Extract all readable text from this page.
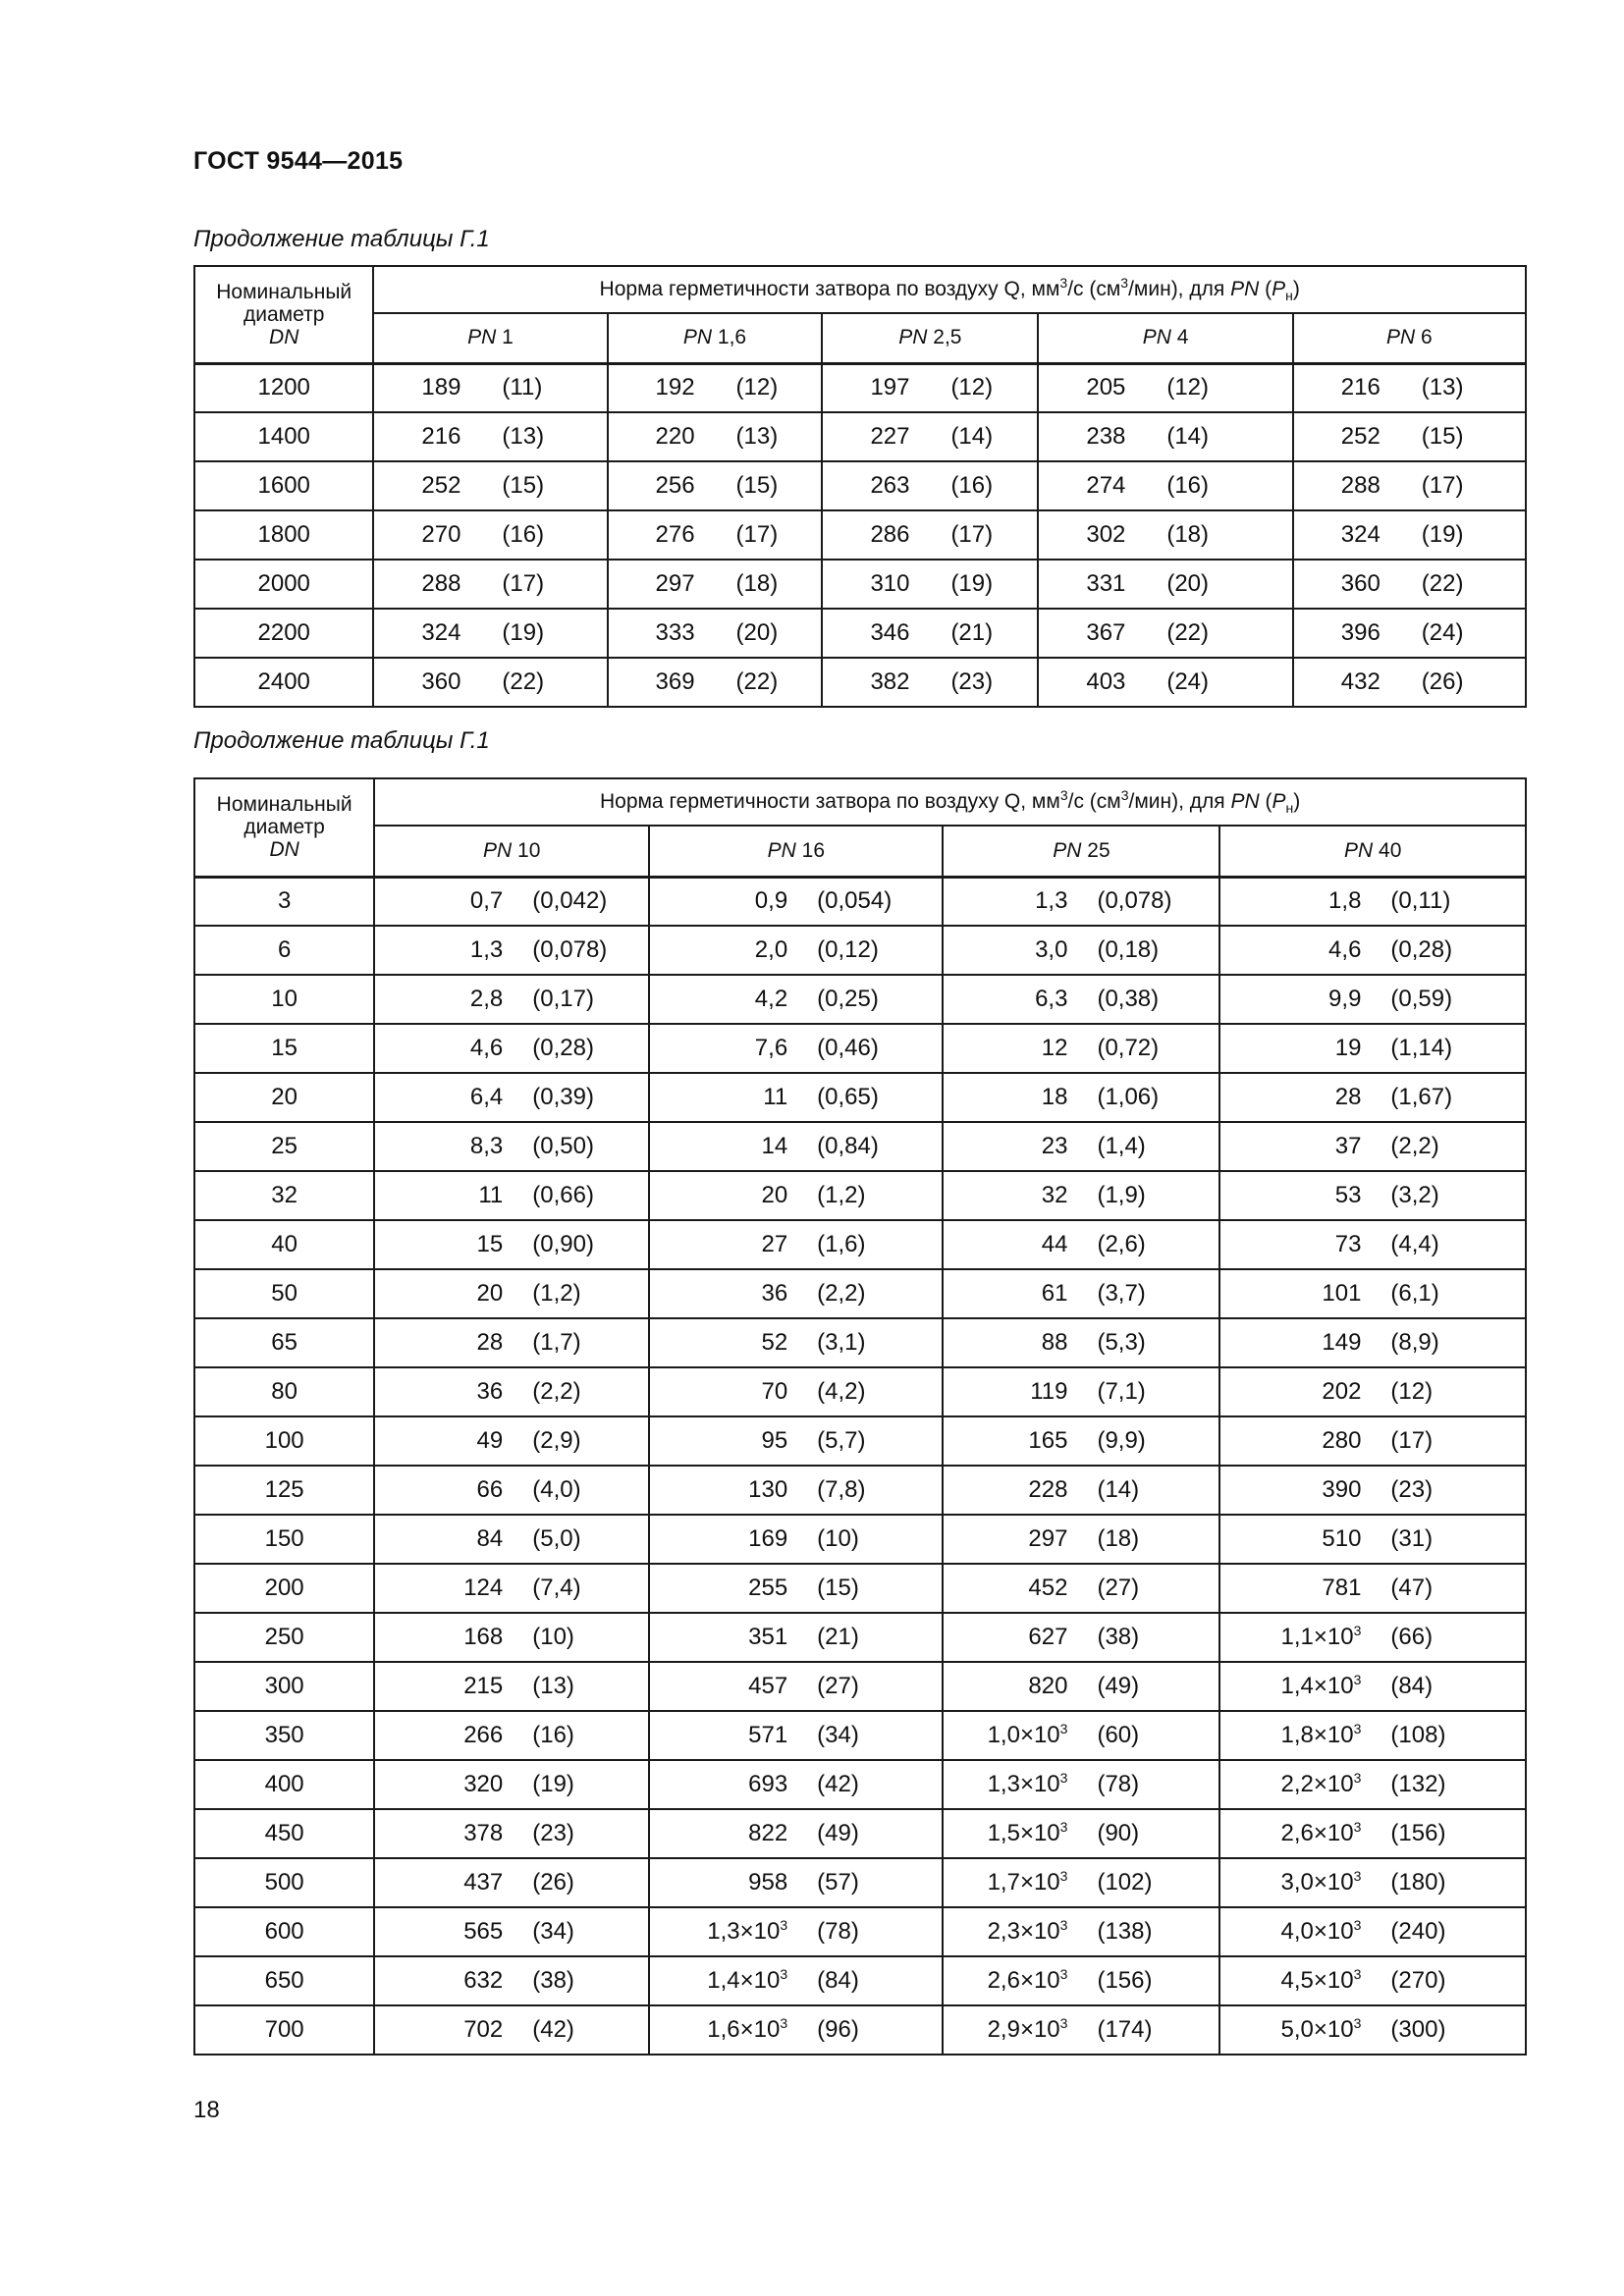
ГОСТ 9544—2015
Продолжение таблицы Г.1
Номинальный
диаметр
DN	Норма герметичности затвора по воздуху Q, $мм^3/с$ $(см^3/мин)$, для PN $(P_н)$				
	PN 1	PN 1,6	PN 2,5	PN 4	PN 6
1200	189 (11)	192 (12)	197 (12)	205 (12)	216 (13)

1400	216 (13)	220 (13)	227 (14)	238 (14)	252 (15)

1600	252 (15)	256 (15)	263 (16)	274 (16)	288 (17)

1800	270 (16)	276 (17)	286 (17)	302 (18)	324 (19)

2000	288 (17)	297 (18)	310 (19)	331 (20)	360 (22)

2200	324 (19)	333 (20)	346 (21)	367 (22)	396 (24)

2400	360 (22)	369 (22)	382 (23)	403 (24)	432 (26)
Продолжение таблицы Г.1
Номинальный
диаметр
DN	Норма герметичности затвора по воздуху Q, $мм^3/с$ $(см^3/мин)$, для PN $(P_н)$			
	PN 10	PN 16	PN 25	PN 40
3	0,7 (0,042)	0,9 (0,054)	1,3 (0,078)	1,8 (0,11)

6	1,3 (0,078)	2,0 (0,12)	3,0 (0,18)	4,6 (0,28)

10	2,8 (0,17)	4,2 (0,25)	6,3 (0,38)	9,9 (0,59)

15	4,6 (0,28)	7,6 (0,46)	12 (0,72)	19 (1,14)

20	6,4 (0,39)	11 (0,65)	18 (1,06)	28 (1,67)

25	8,3 (0,50)	14 (0,84)	23 (1,4)	37 (2,2)

32	11 (0,66)	20 (1,2)	32 (1,9)	53 (3,2)

40	15 (0,90)	27 (1,6)	44 (2,6)	73 (4,4)

50	20 (1,2)	36 (2,2)	61 (3,7)	101 (6,1)

65	28 (1,7)	52 (3,1)	88 (5,3)	149 (8,9)

80	36 (2,2)	70 (4,2)	119 (7,1)	202 (12)

100	49 (2,9)	95 (5,7)	165 (9,9)	280 (17)

125	66 (4,0)	130 (7,8)	228 (14)	390 (23)

150	84 (5,0)	169 (10)	297 (18)	510 (31)

200	124 (7,4)	255 (15)	452 (27)	781 (47)

250	168 (10)	351 (21)	627 (38)	$1,1\times 10^3$ (66)

300	215 (13)	457 (27)	820 (49)	$1,4\times 10^3$ (84)

350	266 (16)	571 (34)	$1,0\times 10^3$ (60)	$1,8\times 10^3$ (108)

400	320 (19)	693 (42)	$1,3\times 10^3$ (78)	$2,2\times 10^3$ (132)

450	378 (23)	822 (49)	$1,5\times 10^3$ (90)	$2,6\times 10^3$ (156)

500	437 (26)	958 (57)	$1,7\times 10^3$ (102)	$3,0\times 10^3$ (180)

600	565 (34)	$1,3\times 10^3$ (78)	$2,3\times 10^3$ (138)	$4,0\times 10^3$ (240)

650	632 (38)	$1,4\times 10^3$ (84)	$2,6\times 10^3$ (156)	$4,5\times 10^3$ (270)

700	702 (42)	$1,6\times 10^3$ (96)	$2,9\times 10^3$ (174)	$5,0\times 10^3$ (300)
18
